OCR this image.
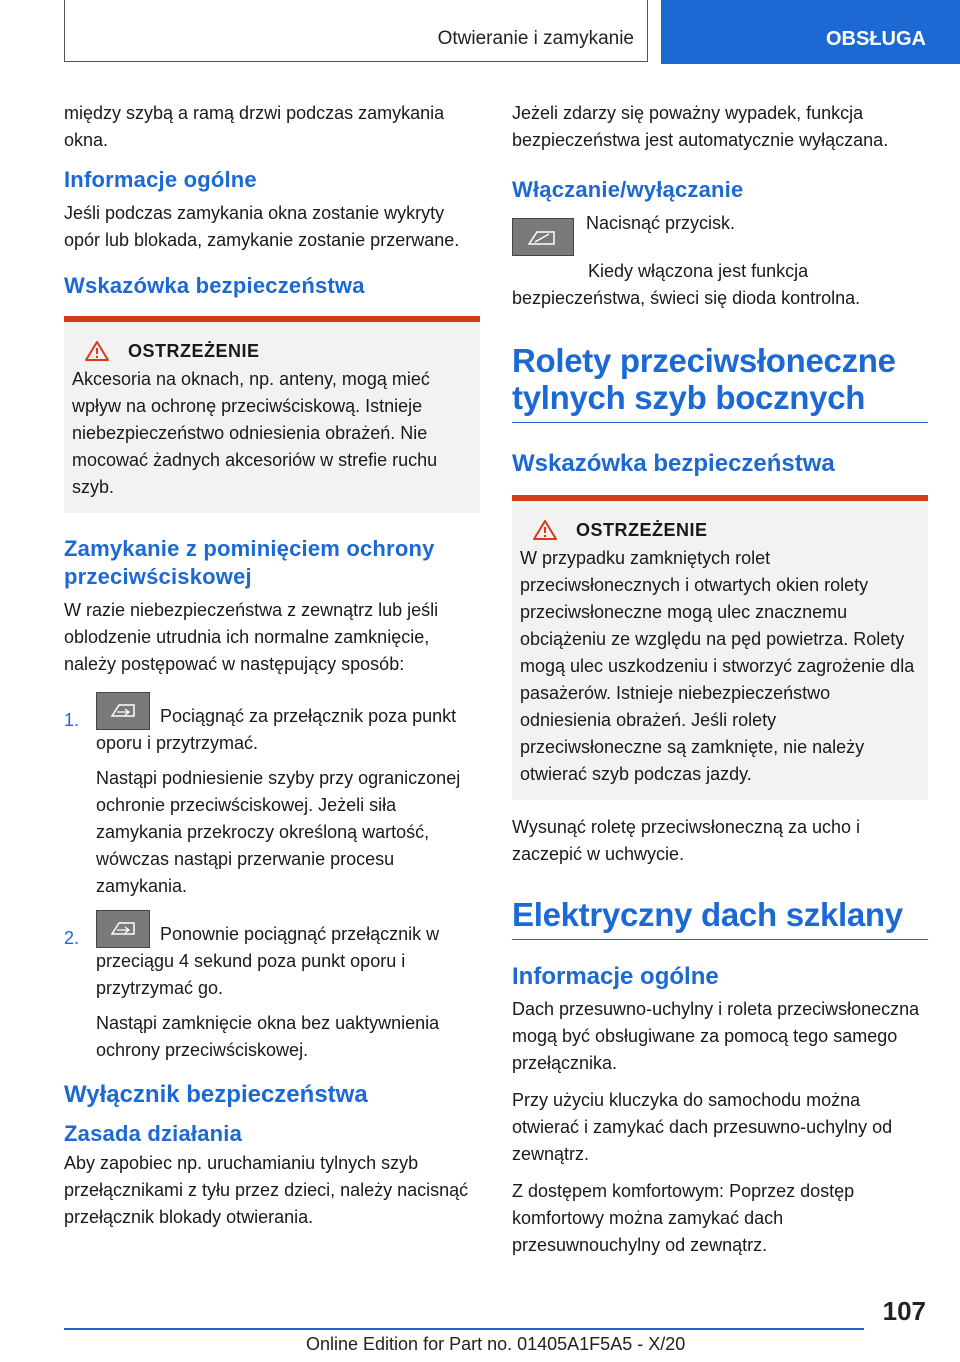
Otwieranie i zamykanie	OBSŁUGA

między szybą a ramą drzwi podczas zamykania okna.

Informacje ogólne

Jeśli podczas zamykania okna zostanie wykryty opór lub blokada, zamykanie zostanie przerwane.

Wskazówka bezpieczeństwa
OSTRZEŻENIE

Akcesoria na oknach, np. anteny, mogą mieć wpływ na ochronę przeciwściskową. Istnieje niebezpieczeństwo odniesienia obrażeń. Nie mocować żadnych akcesoriów w strefie ruchu szyb.

Zamykanie z pominięciem ochrony przeciwściskowej

W razie niebezpieczeństwa z zewnątrz lub jeśli oblodzenie utrudnia ich normalne zamknięcie, należy postępować w następujący sposób:

1.	Pociągnąć za przełącznik poza punkt oporu i przytrzymać.

Nastąpi podniesienie szyby przy ograniczonej ochronie przeciwściskowej. Jeżeli siła zamykania przekroczy określoną wartość, wówczas nastąpi przerwanie procesu zamykania.

2.	Ponownie pociągnąć przełącznik w przeciągu 4 sekund poza punkt oporu i przytrzymać go.

Nastąpi zamknięcie okna bez uaktywnienia ochrony przeciwściskowej.

Wyłącznik bezpieczeństwa
Zasada działania

Aby zapobiec np. uruchamianiu tylnych szyb przełącznikami z tyłu przez dzieci, należy nacisnąć przełącznik blokady otwierania.

Jeżeli zdarzy się poważny wypadek, funkcja bezpieczeństwa jest automatycznie wyłączana.

Włączanie/wyłączanie

Nacisnąć przycisk.

Kiedy włączona jest funkcja bezpieczeństwa, świeci się dioda kontrolna.

Rolety przeciwsłoneczne tylnych szyb bocznych
Wskazówka bezpieczeństwa
OSTRZEŻENIE

W przypadku zamkniętych rolet przeciwsłonecznych i otwartych okien rolety przeciwsłoneczne mogą ulec znacznemu obciążeniu ze względu na pęd powietrza. Rolety mogą ulec uszkodzeniu i stworzyć zagrożenie dla pasażerów. Istnieje niebezpieczeństwo odniesienia obrażeń. Jeśli rolety przeciwsłoneczne są zamknięte, nie należy otwierać szyb podczas jazdy.

Wysunąć roletę przeciwsłoneczną za ucho i zaczepić w uchwycie.

Elektryczny dach szklany
Informacje ogólne

Dach przesuwno-uchylny i roleta przeciwsłoneczna mogą być obsługiwane za pomocą tego samego przełącznika.

Przy użyciu kluczyka do samochodu można otwierać i zamykać dach przesuwno-uchylny od zewnątrz.

Z dostępem komfortowym: Poprzez dostęp komfortowy można zamykać dach przesuwnouchylny od zewnątrz.

107
Online Edition for Part no. 01405A1F5A5 - X/20
